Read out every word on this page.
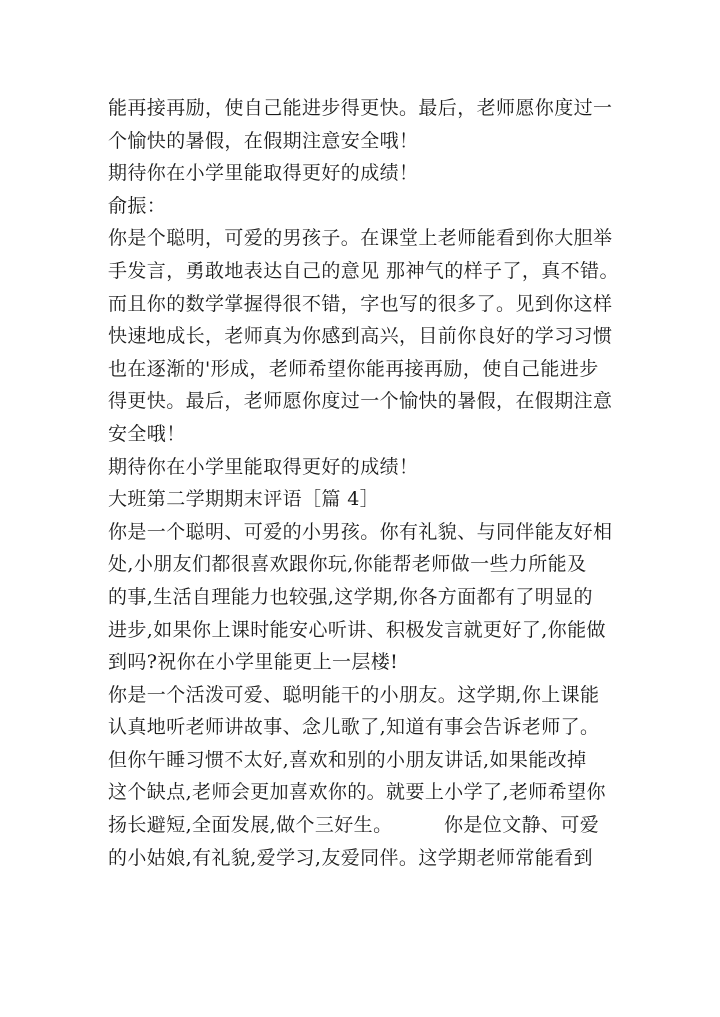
能再接再励，使自己能进步得更快。最后，老师愿你度过一
个愉快的暑假，在假期注意安全哦！
期待你在小学里能取得更好的成绩！
俞振：
你是个聪明，可爱的男孩子。在课堂上老师能看到你大胆举
手发言，勇敢地表达自己的意见 那神气的样子了，真不错。
而且你的数学掌握得很不错，字也写的很多了。见到你这样
快速地成长，老师真为你感到高兴，目前你良好的学习习惯
也在逐渐的'形成，老师希望你能再接再励，使自己能进步
得更快。最后，老师愿你度过一个愉快的暑假，在假期注意
安全哦！
期待你在小学里能取得更好的成绩！
大班第二学期期末评语［篇 4］
你是一个聪明、可爱的小男孩。你有礼貌、与同伴能友好相
处,小朋友们都很喜欢跟你玩,你能帮老师做一些力所能及
的事,生活自理能力也较强,这学期,你各方面都有了明显的
进步,如果你上课时能安心听讲、积极发言就更好了,你能做
到吗?祝你在小学里能更上一层楼!
你是一个活泼可爱、聪明能干的小朋友。这学期,你上课能
认真地听老师讲故事、念儿歌了,知道有事会告诉老师了。
但你午睡习惯不太好,喜欢和别的小朋友讲话,如果能改掉
这个缺点,老师会更加喜欢你的。就要上小学了,老师希望你
扬长避短,全面发展,做个三好生。        你是位文静、可爱
的小姑娘,有礼貌,爱学习,友爱同伴。这学期老师常能看到
